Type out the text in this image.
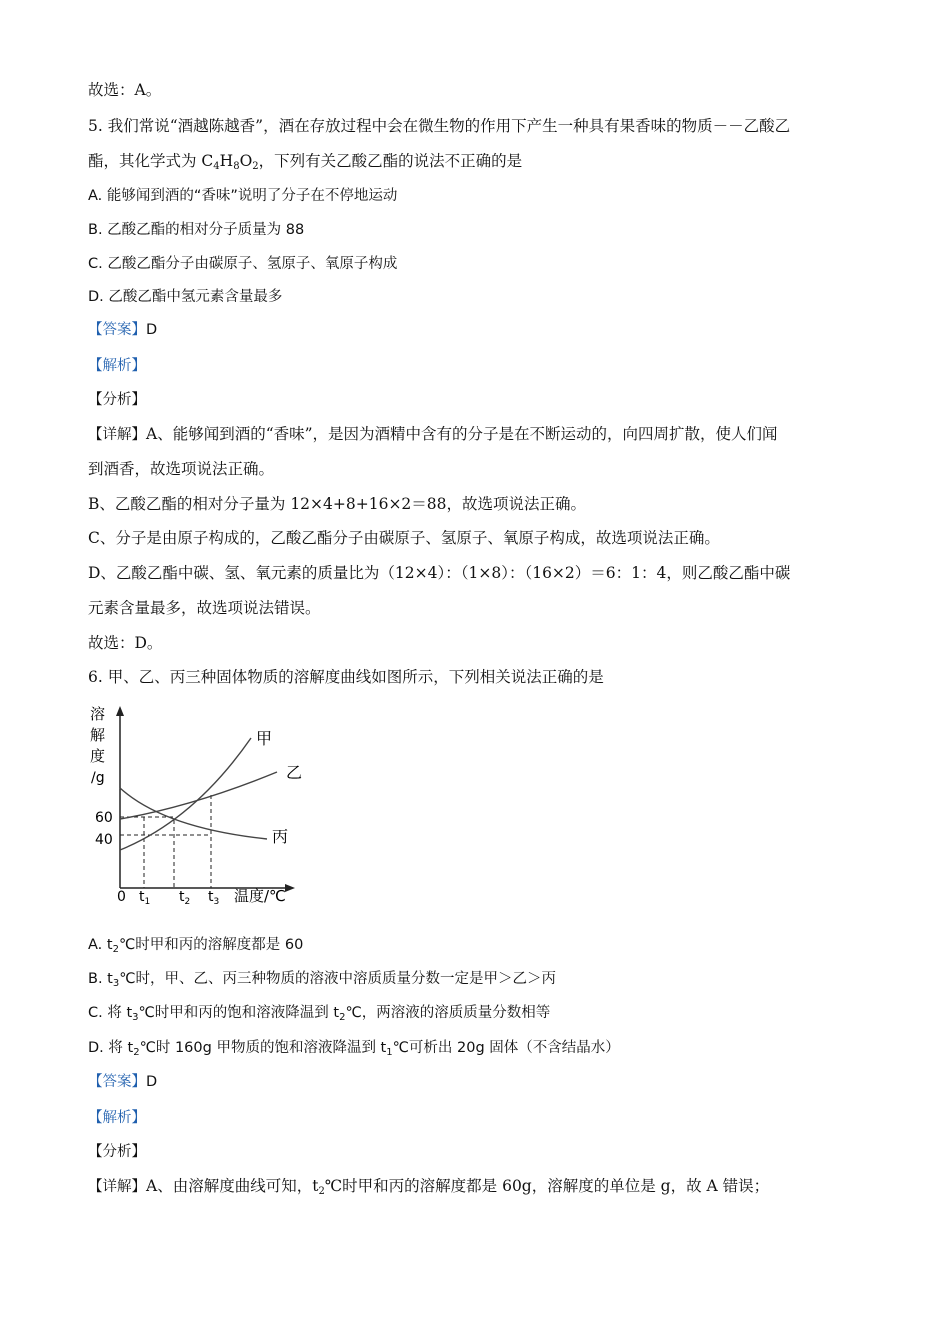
故选：A。
5. 我们常说“酒越陈越香”，酒在存放过程中会在微生物的作用下产生一种具有果香味的物质－－乙酸乙
酯，其化学式为 $C_4H_8O_2$，下列有关乙酸乙酯的说法不正确的是
A. 能够闻到酒的“香味”说明了分子在不停地运动
B. 乙酸乙酯的相对分子质量为 88
C. 乙酸乙酯分子由碳原子、氢原子、氧原子构成
D. 乙酸乙酯中氢元素含量最多
【答案】D
【解析】
【分析】
【详解】A、能够闻到酒的“香味”，是因为酒精中含有的分子是在不断运动的，向四周扩散，使人们闻
到酒香，故选项说法正确。
B、乙酸乙酯的相对分子量为 12×4+8+16×2＝88，故选项说法正确。
C、分子是由原子构成的，乙酸乙酯分子由碳原子、氢原子、氧原子构成，故选项说法正确。
D、乙酸乙酯中碳、氢、氧元素的质量比为（12×4）：（1×8）：（16×2）＝6：1：4，则乙酸乙酯中碳
元素含量最多，故选项说法错误。
故选：D。
6. 甲、乙、丙三种固体物质的溶解度曲线如图所示，下列相关说法正确的是
溶
解
度
/g
60
40
甲
乙
丙
0 $t_1$ $t_2$ $t_3$ 温度/℃
A. $t_2℃$时甲和丙的溶解度都是 60
B. $t_3℃$时，甲、乙、丙三种物质的溶液中溶质质量分数一定是甲＞乙＞丙
C. 将 $t_3℃$时甲和丙的饱和溶液降温到 $t_2℃$，两溶液的溶质质量分数相等
D. 将 $t_2℃$时 160g 甲物质的饱和溶液降温到 $t_1℃$可析出 20g 固体（不含结晶水）
【答案】D
【解析】
【分析】
【详解】A、由溶解度曲线可知，$t_2℃$时甲和丙的溶解度都是 60g，溶解度的单位是 g，故 A 错误；
